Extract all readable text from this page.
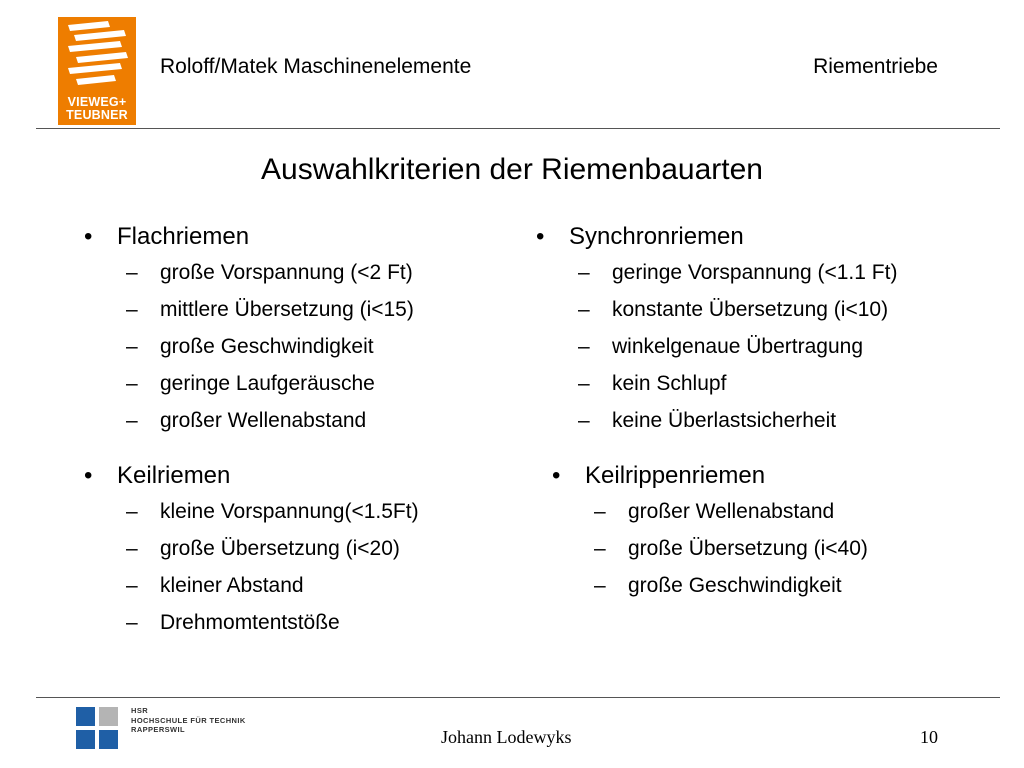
VIEWEG+
TEUBNER
Roloff/Matek Maschinenelemente	Riementriebe
Auswahlkriterien der Riemenbauarten
• Flachriemen
– große Vorspannung (<2 Ft)
– mittlere Übersetzung (i<15)
– große Geschwindigkeit
– geringe Laufgeräusche
– großer Wellenabstand
• Synchronriemen
– geringe Vorspannung (<1.1 Ft)
– konstante Übersetzung (i<10)
– winkelgenaue Übertragung
– kein Schlupf
– keine Überlastsicherheit
• Keilriemen
– kleine Vorspannung(<1.5Ft)
– große Übersetzung (i<20)
– kleiner Abstand
– Drehmomtentstöße
• Keilrippenriemen
– großer Wellenabstand
– große Übersetzung (i<40)
– große Geschwindigkeit
HSR
HOCHSCHULE FÜR TECHNIK
RAPPERSWIL	Johann Lodewyks	10
